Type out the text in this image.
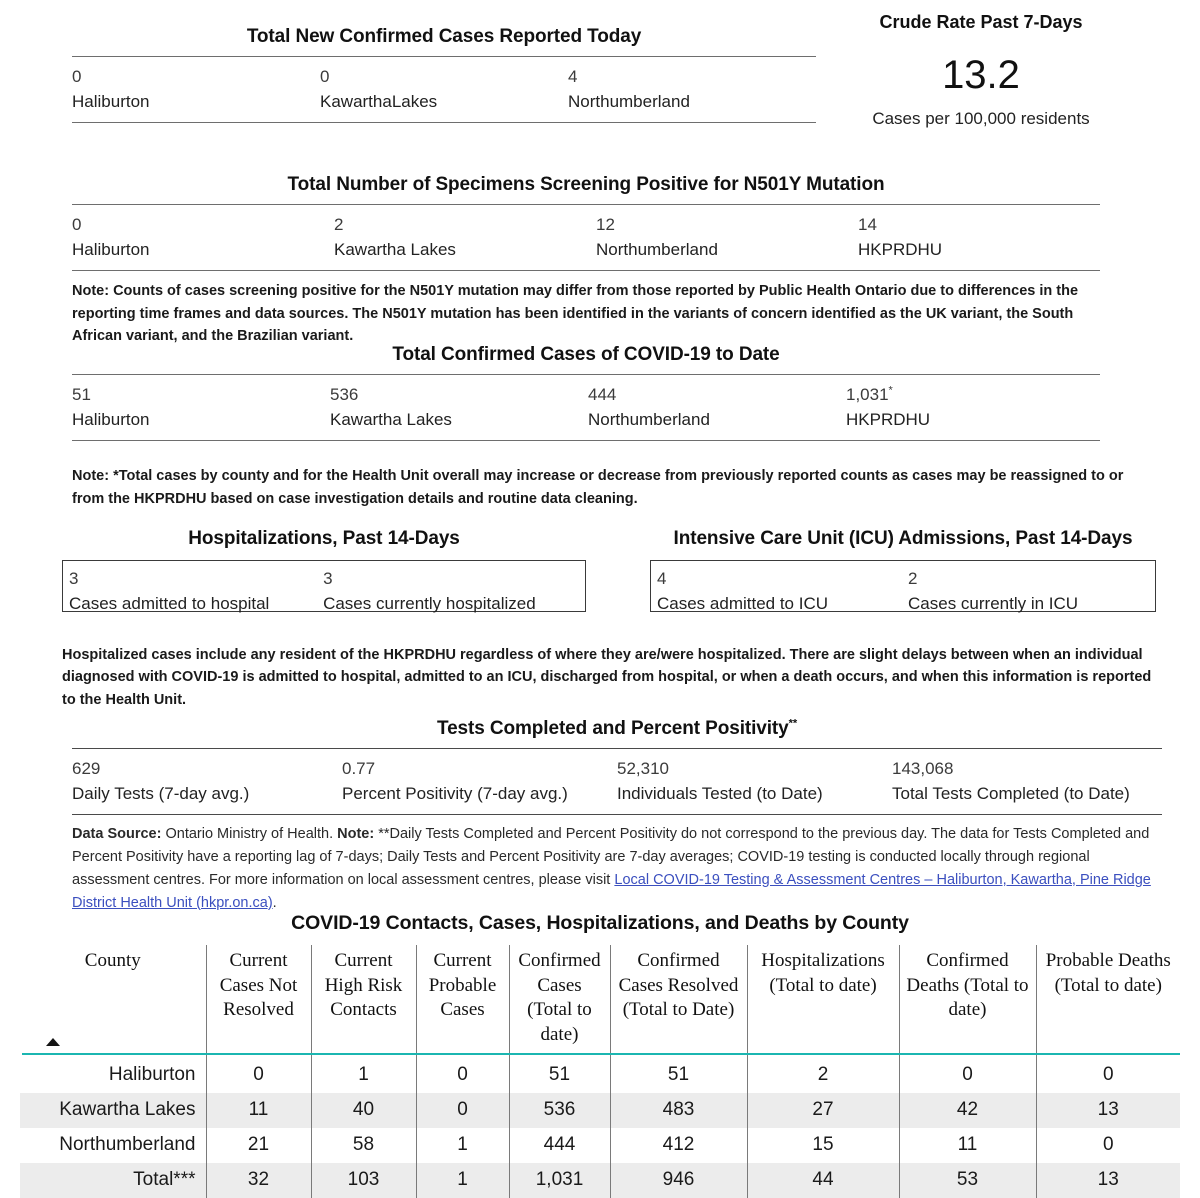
Total New Confirmed Cases Reported Today
0
Haliburton
0
KawarthaLakes
4
Northumberland
Crude Rate Past 7-Days
13.2
Cases per 100,000 residents
Total Number of Specimens Screening Positive for N501Y Mutation
0
Haliburton
2
Kawartha Lakes
12
Northumberland
14
HKPRDHU
Note: Counts of cases screening positive for the N501Y mutation may differ from those reported by Public Health Ontario due to differences in the reporting time frames and data sources. The N501Y mutation has been identified in the variants of concern identified as the UK variant, the South African variant, and the Brazilian variant.
Total Confirmed Cases of COVID-19 to Date
51
Haliburton
536
Kawartha Lakes
444
Northumberland
1,031*
HKPRDHU
Note: *Total cases by county and for the Health Unit overall may increase or decrease from previously reported counts as cases may be reassigned to or from the HKPRDHU based on case investigation details and routine data cleaning.
Hospitalizations, Past 14-Days
3
Cases admitted to hospital
3
Cases currently hospitalized
Intensive Care Unit (ICU) Admissions, Past 14-Days
4
Cases admitted to ICU
2
Cases currently in ICU
Hospitalized cases include any resident of the HKPRDHU regardless of where they are/were hospitalized. There are slight delays between when an individual diagnosed with COVID-19 is admitted to hospital, admitted to an ICU, discharged from hospital, or when a death occurs, and when this information is reported to the Health Unit.
Tests Completed and Percent Positivity**
629
Daily Tests (7-day avg.)
0.77
Percent Positivity (7-day avg.)
52,310
Individuals Tested (to Date)
143,068
Total Tests Completed (to Date)
Data Source: Ontario Ministry of Health. Note: **Daily Tests Completed and Percent Positivity do not correspond to the previous day. The data for Tests Completed and Percent Positivity have a reporting lag of 7-days; Daily Tests and Percent Positivity are 7-day averages; COVID-19 testing is conducted locally through regional assessment centres. For more information on local assessment centres, please visit Local COVID-19 Testing & Assessment Centres – Haliburton, Kawartha, Pine Ridge District Health Unit (hkpr.on.ca).
COVID-19 Contacts, Cases, Hospitalizations, and Deaths by County
County	Current Cases Not Resolved	Current High Risk Contacts	Current Probable Cases	Confirmed Cases (Total to date)	Confirmed Cases Resolved (Total to Date)	Hospitalizations (Total to date)	Confirmed Deaths (Total to date)	Probable Deaths (Total to date)
Haliburton	0	1	0	51	51	2	0	0
Kawartha Lakes	11	40	0	536	483	27	42	13
Northumberland	21	58	1	444	412	15	11	0
Total***	32	103	1	1,031	946	44	53	13
